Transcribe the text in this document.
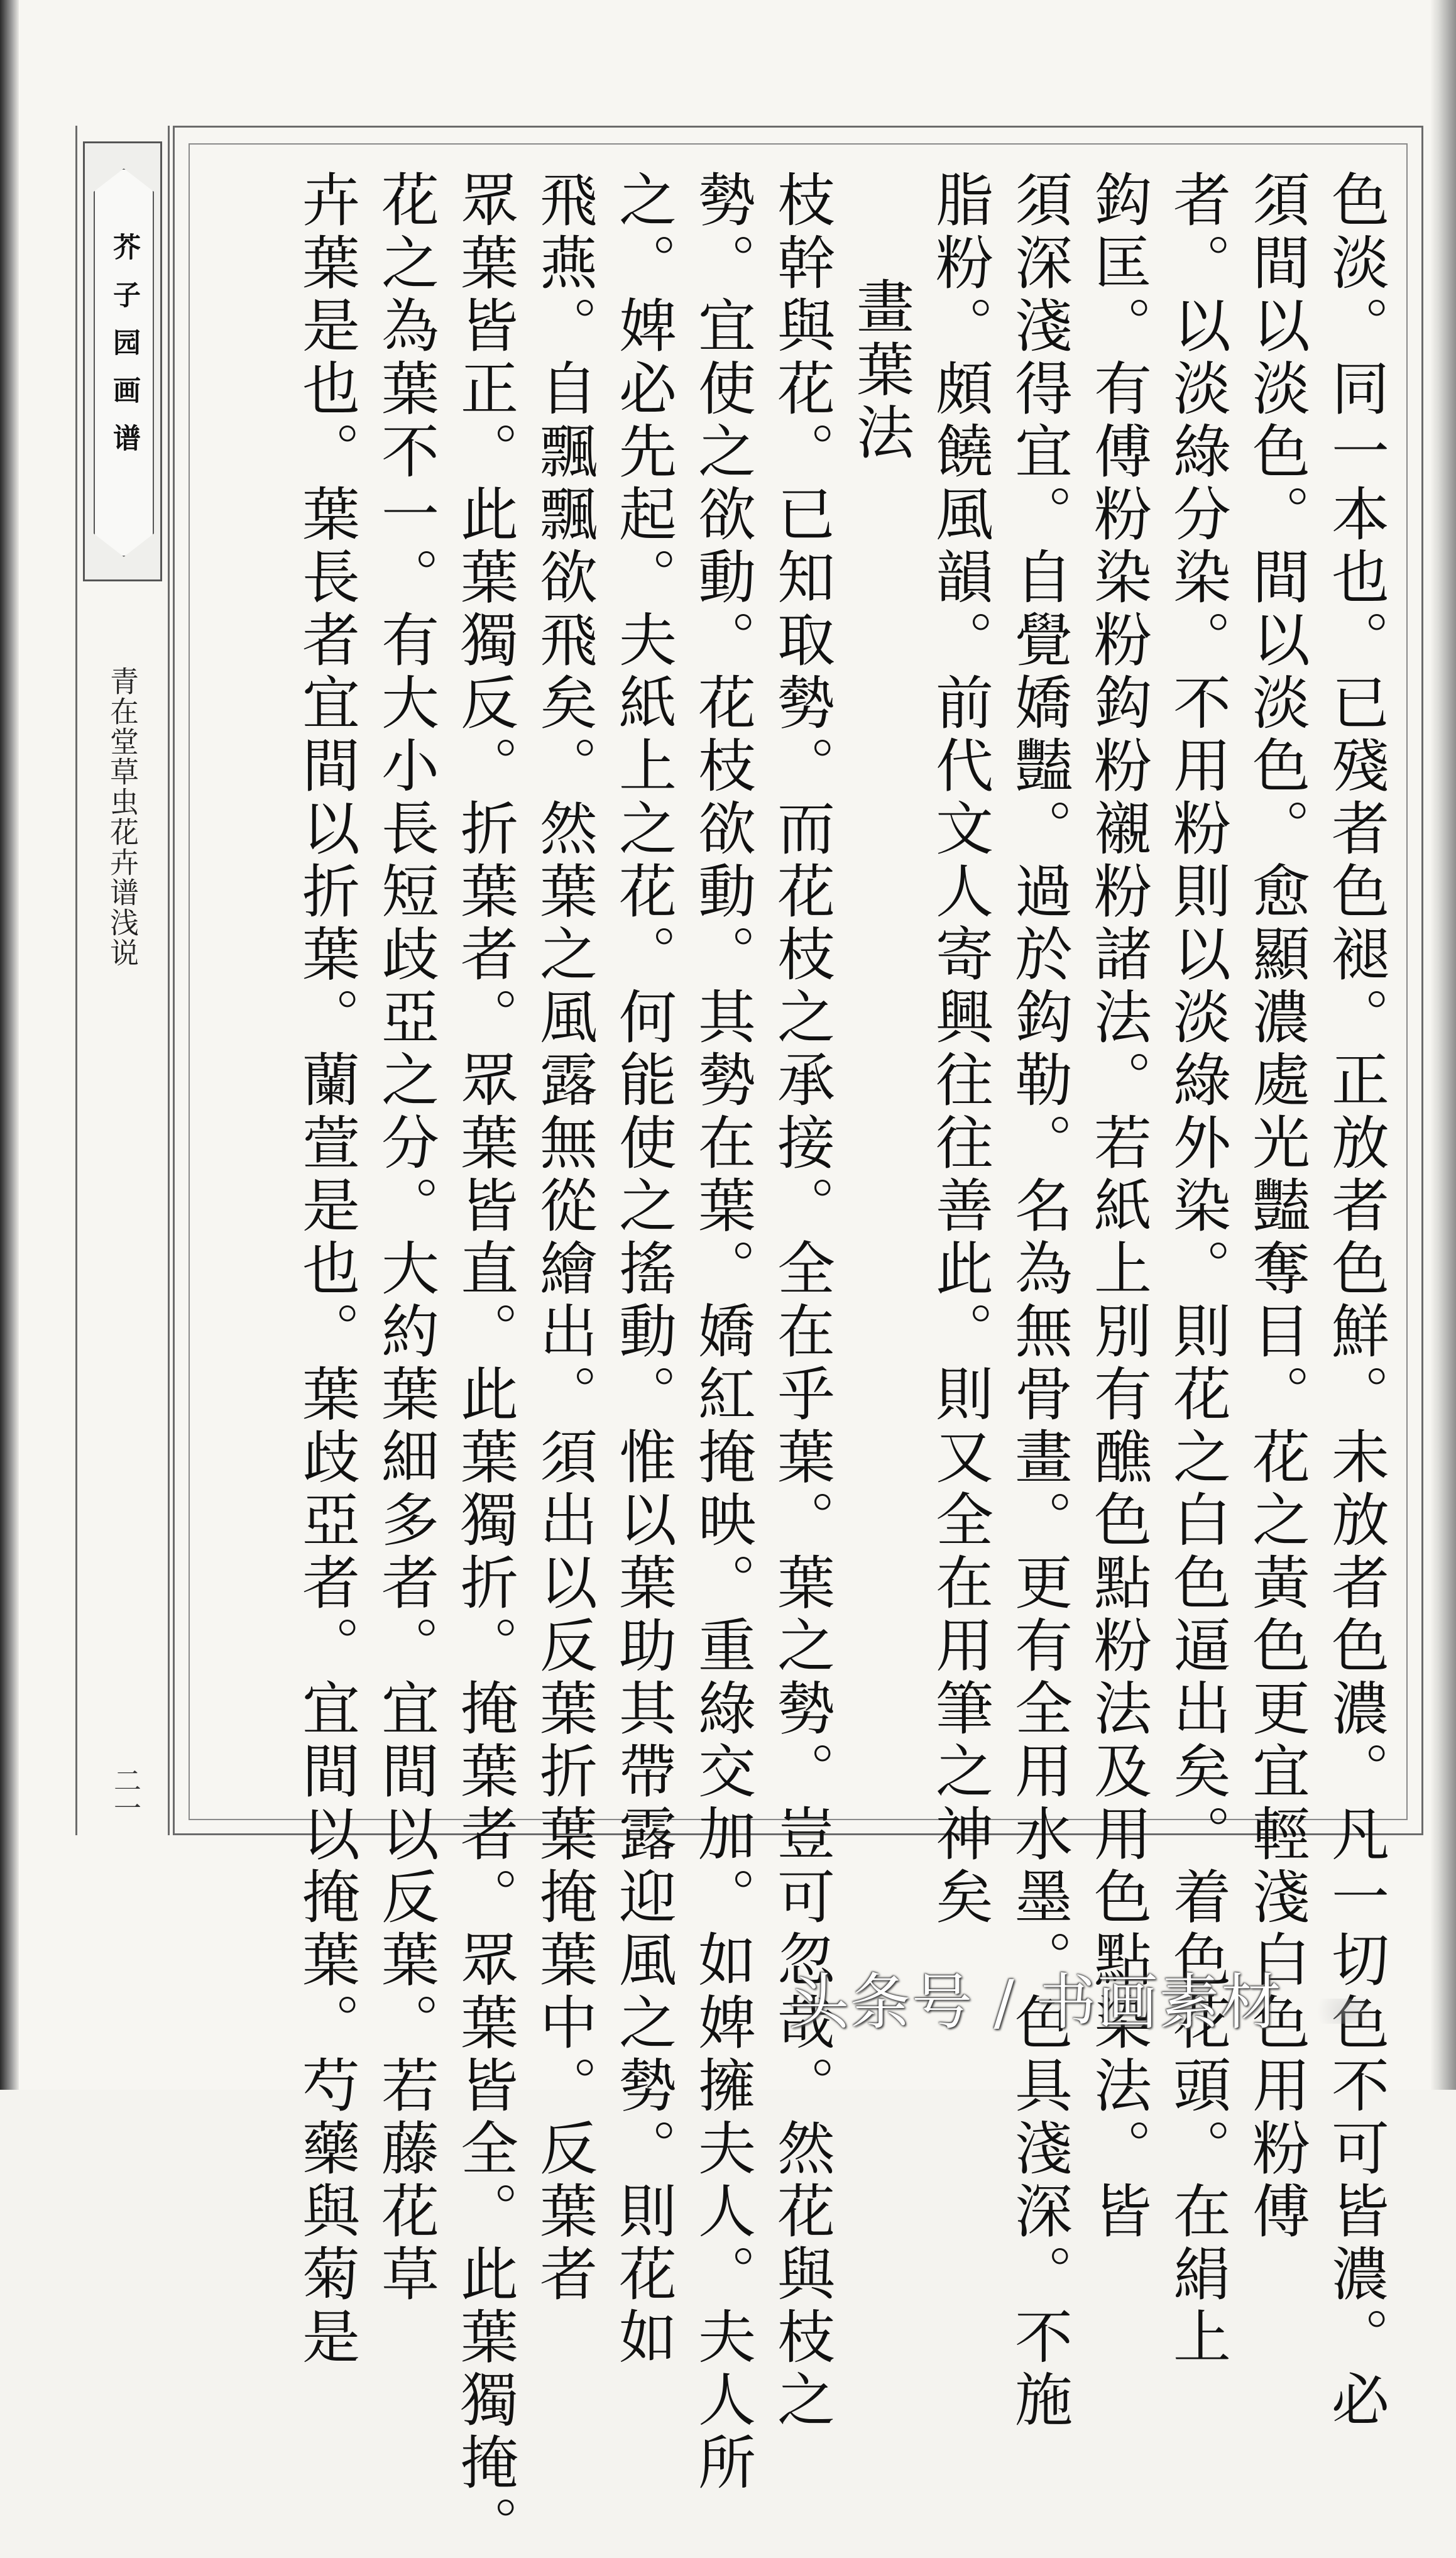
芥子园画谱
青在堂草虫花卉谱浅说
二一	色淡。同一本也。已殘者色褪。正放者色鮮。未放者色濃。凡一切色不可皆濃。必
須間以淡色。間以淡色。愈顯濃處光豔奪目。花之黃色更宜輕淺白色用粉傅
者。以淡綠分染。不用粉則以淡綠外染。則花之白色逼出矣。着色花頭。在絹上
鈎匡。有傅粉染粉鈎粉襯粉諸法。若紙上別有醮色點粉法及用色點染法。皆
須深淺得宜。自覺嬌豔。過於鈎勒。名為無骨畫。更有全用水墨。色具淺深。不施
脂粉。頗饒風韻。前代文人寄興往往善此。則又全在用筆之神矣
畫葉法
枝幹與花。已知取勢。而花枝之承接。全在乎葉。葉之勢。豈可忽哉。然花與枝之
勢。宜使之欲動。花枝欲動。其勢在葉。嬌紅掩映。重綠交加。如婢擁夫人。夫人所
之。婢必先起。夫紙上之花。何能使之搖動。惟以葉助其帶露迎風之勢。則花如
飛燕。自飄飄欲飛矣。然葉之風露無從繪出。須出以反葉折葉掩葉中。反葉者
眾葉皆正。此葉獨反。折葉者。眾葉皆直。此葉獨折。掩葉者。眾葉皆全。此葉獨掩。
花之為葉不一。有大小長短歧亞之分。大約葉細多者。宜間以反葉。若藤花草
卉葉是也。葉長者宜間以折葉。蘭萱是也。葉歧亞者。宜間以掩葉。芍藥與菊是	头条号 / 书画素材
